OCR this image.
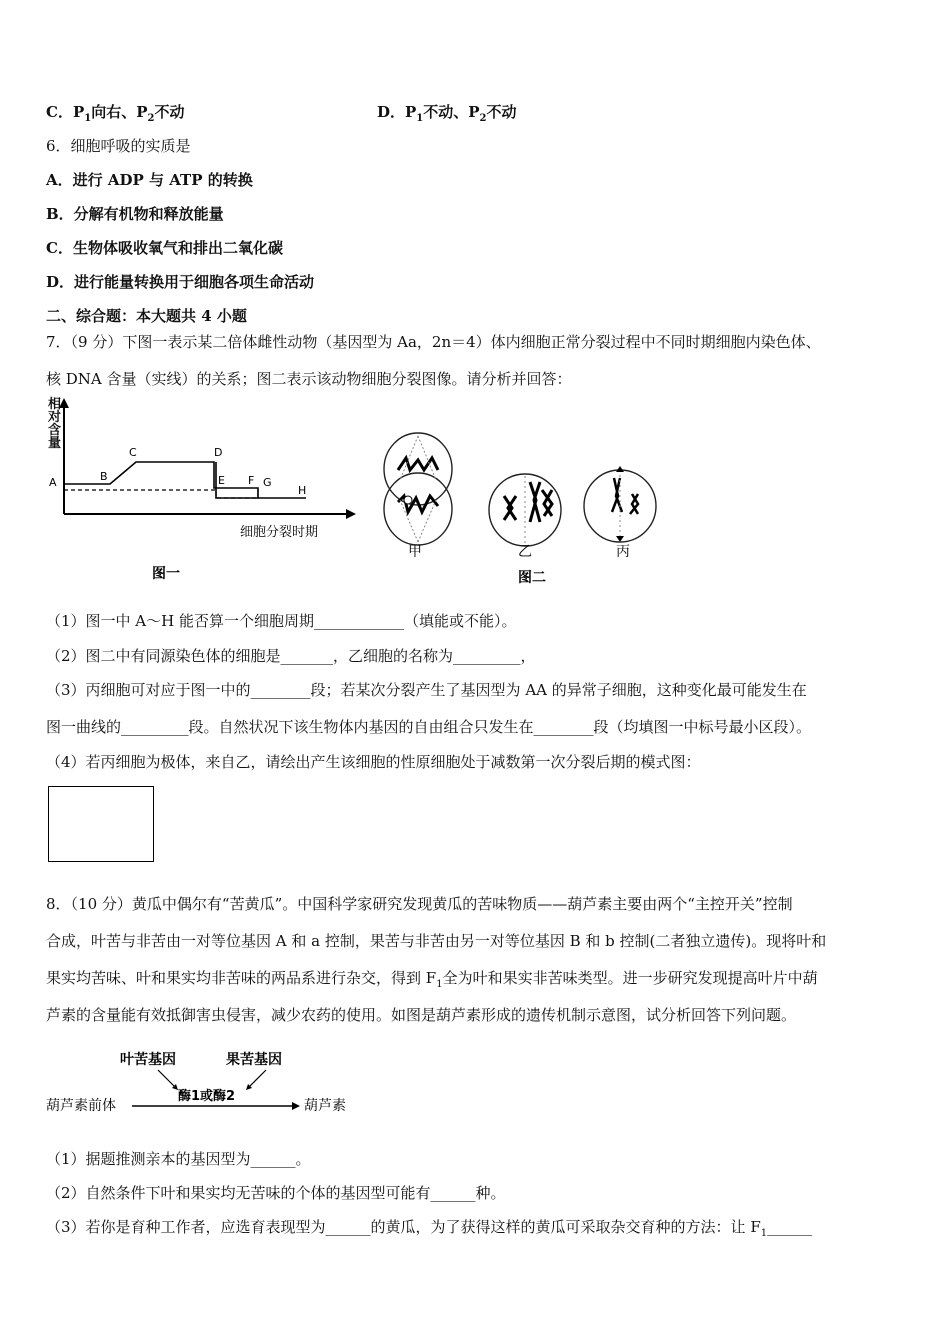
C．$P_1$向右、$P_2$不动	D．$P_1$不动、$P_2$不动
6．细胞呼吸的实质是
A．进行 ADP 与 ATP 的转换
B．分解有机物和释放能量
C．生物体吸收氧气和排出二氧化碳
D．进行能量转换用于细胞各项生命活动
二、综合题：本大题共 4 小题
7．（9 分）下图一表示某二倍体雌性动物（基因型为 Aa，2n＝4）体内细胞正常分裂过程中不同时期细胞内染色体、
核 DNA 含量（实线）的关系；图二表示该动物细胞分裂图像。请分析并回答：
A	B
C	D
E F G
H
细胞分裂时期
图一
相对含量
甲	乙	丙
图二
（1）图一中 A～H 能否算一个细胞周期____________（填能或不能）。
（2）图二中有同源染色体的细胞是_______，乙细胞的名称为_________，
（3）丙细胞可对应于图一中的________段；若某次分裂产生了基因型为 AA 的异常子细胞，这种变化最可能发生在
图一曲线的_________段。自然状况下该生物体内基因的自由组合只发生在________段（均填图一中标号最小区段）。
（4）若丙细胞为极体，来自乙，请绘出产生该细胞的性原细胞处于减数第一次分裂后期的模式图：
8．（10 分）黄瓜中偶尔有“苦黄瓜”。中国科学家研究发现黄瓜的苦味物质——葫芦素主要由两个“主控开关”控制
合成，叶苦与非苦由一对等位基因 A 和 a 控制，果苦与非苦由另一对等位基因 B 和 b 控制(二者独立遗传)。现将叶和
果实均苦味、叶和果实均非苦味的两品系进行杂交，得到 $F_1$全为叶和果实非苦味类型。进一步研究发现提高叶片中葫
芦素的含量能有效抵御害虫侵害，减少农药的使用。如图是葫芦素形成的遗传机制示意图，试分析回答下列问题。
叶苦基因	果苦基因
葫芦素前体
酶1或酶2
葫芦素
（1）据题推测亲本的基因型为______。
（2）自然条件下叶和果实均无苦味的个体的基因型可能有______种。
（3）若你是育种工作者，应选育表现型为______的黄瓜，为了获得这样的黄瓜可采取杂交育种的方法：让 $F_1\_\_\_\_\_\_$
